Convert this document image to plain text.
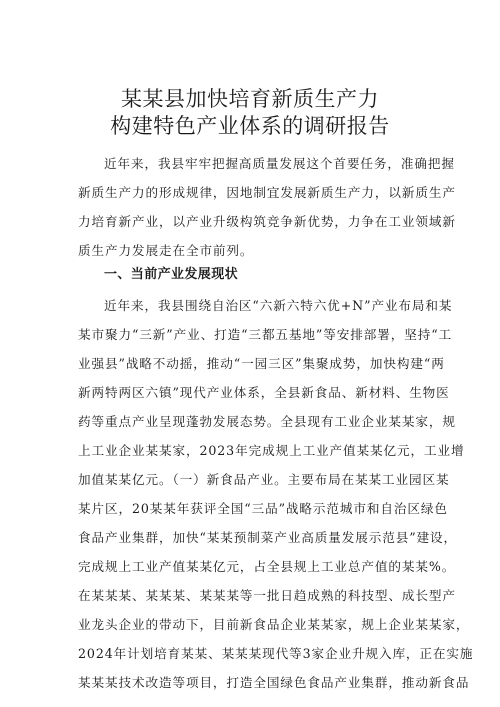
某某县加快培育新质生产力
构建特色产业体系的调研报告
近年来，我县牢牢把握高质量发展这个首要任务，准确把握
新质生产力的形成规律，因地制宜发展新质生产力，以新质生产
力培育新产业，以产业升级构筑竞争新优势，力争在工业领域新
质生产力发展走在全市前列。
一、当前产业发展现状
近年来，我县围绕自治区“六新六特六优+N”产业布局和某
某市聚力“三新”产业、打造“三都五基地”等安排部署，坚持“工
业强县”战略不动摇，推动“一园三区”集聚成势，加快构建“两
新两特两区六镇”现代产业体系，全县新食品、新材料、生物医
药等重点产业呈现蓬勃发展态势。全县现有工业企业某某家，规
上工业企业某某家，2023年完成规上工业产值某某亿元，工业增
加值某某亿元。（一）新食品产业。主要布局在某某工业园区某
某片区，20某某年获评全国“三品”战略示范城市和自治区绿色
食品产业集群，加快“某某预制菜产业高质量发展示范县”建设，
完成规上工业产值某某亿元，占全县规上工业总产值的某某%。
在某某某、某某某、某某某等一批日趋成熟的科技型、成长型产
业龙头企业的带动下，目前新食品企业某某家，规上企业某某家，
2024年计划培育某某、某某某现代等3家企业升规入库，正在实施
某某某技术改造等项目，打造全国绿色食品产业集群，推动新食品
